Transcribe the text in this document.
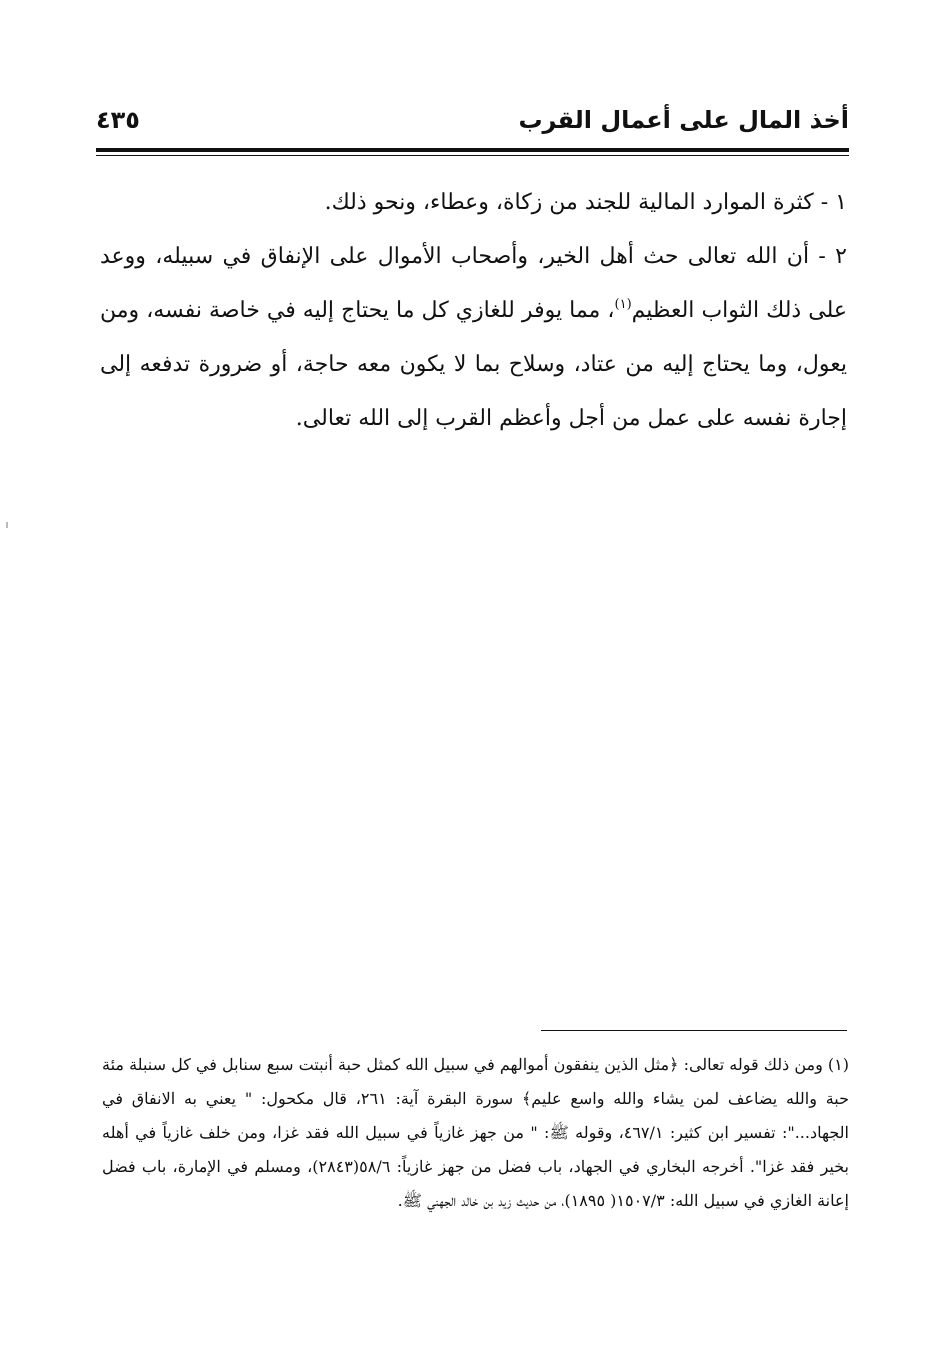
أخذ المال على أعمال القرب
٤٣٥

١ - كثرة الموارد المالية للجند من زكاة، وعطاء، ونحو ذلك.

٢ - أن الله تعالى حث أهل الخير، وأصحاب الأموال على الإنفاق في سبيله، ووعد على ذلك الثواب العظيم$^{(١)}$، مما يوفر للغازي كل ما يحتاج إليه في خاصة نفسه، ومن يعول، وما يحتاج إليه من عتاد، وسلاح بما لا يكون معه حاجة، أو ضرورة تدفعه إلى إجارة نفسه على عمل من أجل وأعظم القرب إلى الله تعالى.

(١) ومن ذلك قوله تعالى: ﴿مثل الذين ينفقون أموالهم في سبيل الله كمثل حبة أنبتت سبع سنابل في كل سنبلة مئة حبة والله يضاعف لمن يشاء والله واسع عليم﴾ سورة البقرة آية: ٢٦١، قال مكحول: " يعني به الانفاق في الجهاد...": تفسير ابن كثير: ٤٦٧/١، وقوله ﷺ: " من جهز غازياً في سبيل الله فقد غزا، ومن خلف غازياً في أهله بخير فقد غزا". أخرجه البخاري في الجهاد، باب فضل من جهز غازياً: ٥٨/٦(٢٨٤٣)، ومسلم في الإمارة، باب فضل إعانة الغازي في سبيل الله: ١٥٠٧/٣( ١٨٩٥)، من حديث زيد بن خالد الجهني ﷺ.
